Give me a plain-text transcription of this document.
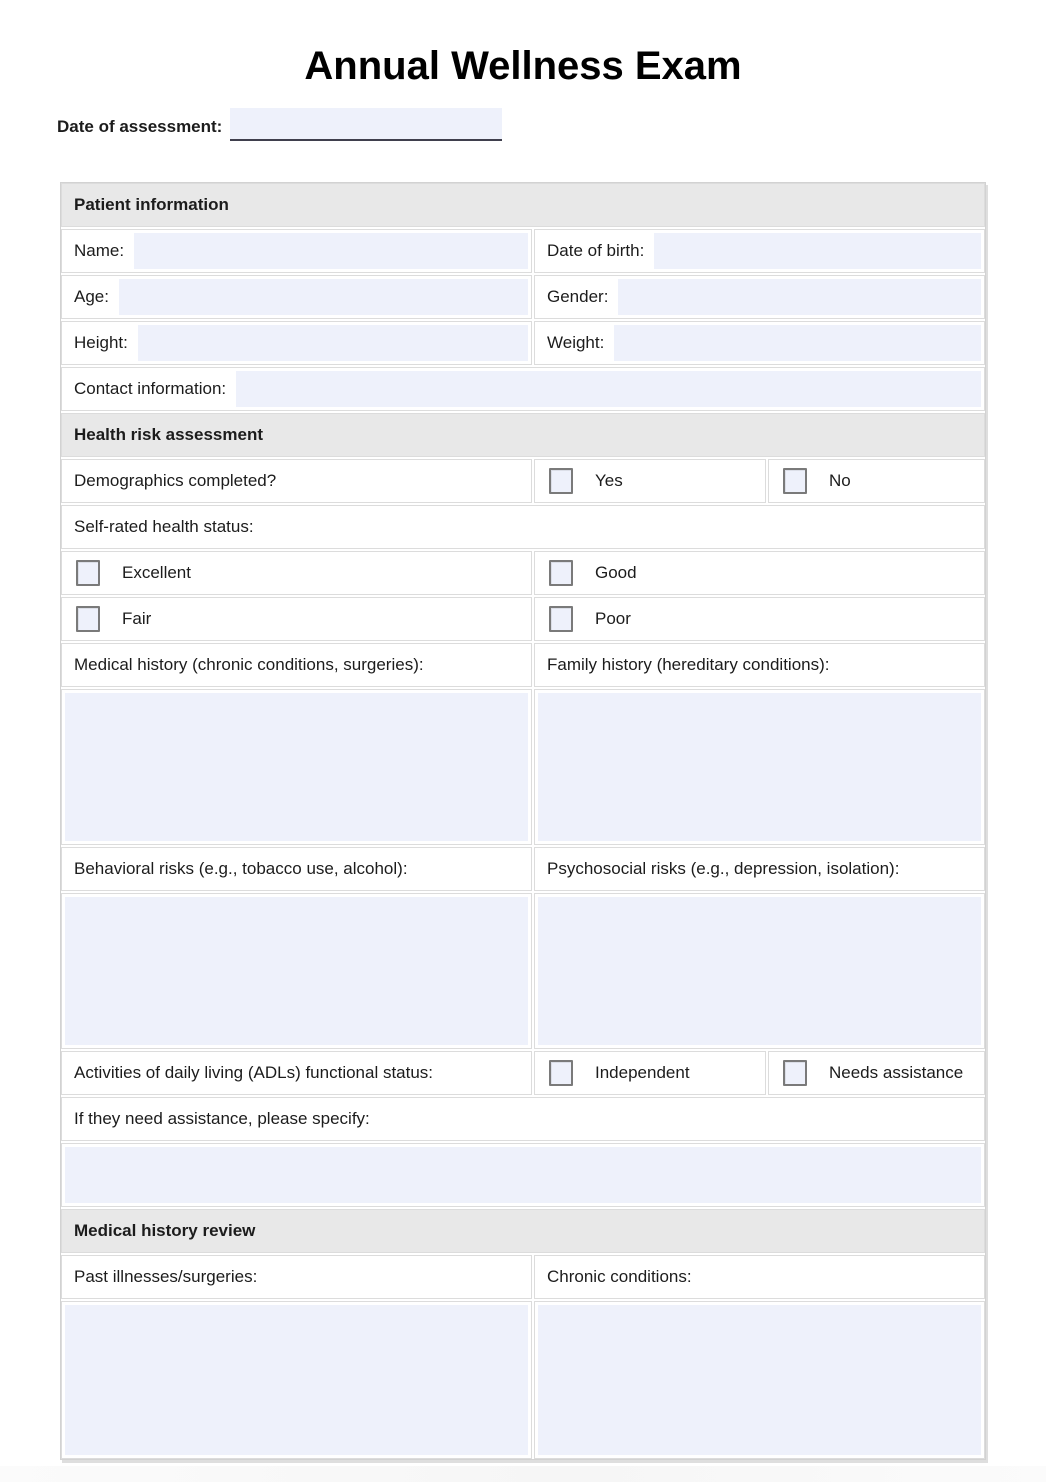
Annual Wellness Exam
Date of assessment:
Patient information
Name:	Date of birth:
Age:	Gender:
Height:	Weight:
Contact information:
Health risk assessment
Demographics completed?	Yes	No
Self-rated health status:
Excellent	Good
Fair	Poor
Medical history (chronic conditions, surgeries):	Family history (hereditary conditions):
Behavioral risks (e.g., tobacco use, alcohol):	Psychosocial risks (e.g., depression, isolation):
Activities of daily living (ADLs) functional status:	Independent	Needs assistance
If they need assistance, please specify:
Medical history review
Past illnesses/surgeries:	Chronic conditions:
